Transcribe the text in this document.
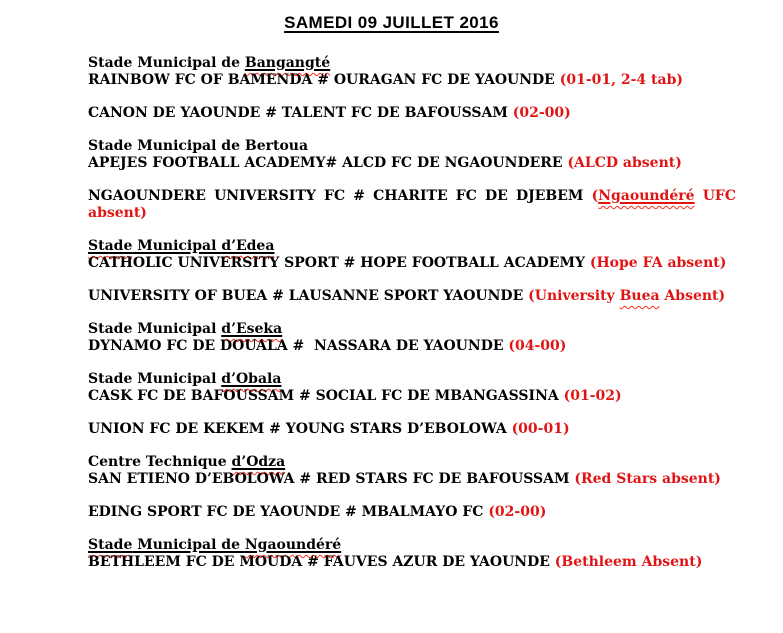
SAMEDI 09 JUILLET 2016

Stade Municipal de Bangangté

RAINBOW FC OF BAMENDA # OURAGAN FC DE YAOUNDE (01-01, 2-4 tab)

CANON DE YAOUNDE # TALENT FC DE BAFOUSSAM (02-00)

Stade Municipal de Bertoua

APEJES FOOTBALL ACADEMY# ALCD FC DE NGAOUNDERE (ALCD absent)

NGAOUNDERE UNIVERSITY FC # CHARITE FC DE DJEBEM (Ngaoundéré UFC
absent)

Stade Municipal d’Edea

CATHOLIC UNIVERSITY SPORT # HOPE FOOTBALL ACADEMY (Hope FA absent)

UNIVERSITY OF BUEA # LAUSANNE SPORT YAOUNDE (University Buea Absent)

Stade Municipal d’Eseka

DYNAMO FC DE DOUALA #  NASSARA DE YAOUNDE (04-00)

Stade Municipal d’Obala

CASK FC DE BAFOUSSAM # SOCIAL FC DE MBANGASSINA (01-02)

UNION FC DE KEKEM # YOUNG STARS D’EBOLOWA (00-01)

Centre Technique d’Odza

SAN ETIENO D’EBOLOWA # RED STARS FC DE BAFOUSSAM (Red Stars absent)

EDING SPORT FC DE YAOUNDE # MBALMAYO FC (02-00)

Stade Municipal de Ngaoundéré

BETHLEEM FC DE MOUDA # FAUVES AZUR DE YAOUNDE (Bethleem Absent)
